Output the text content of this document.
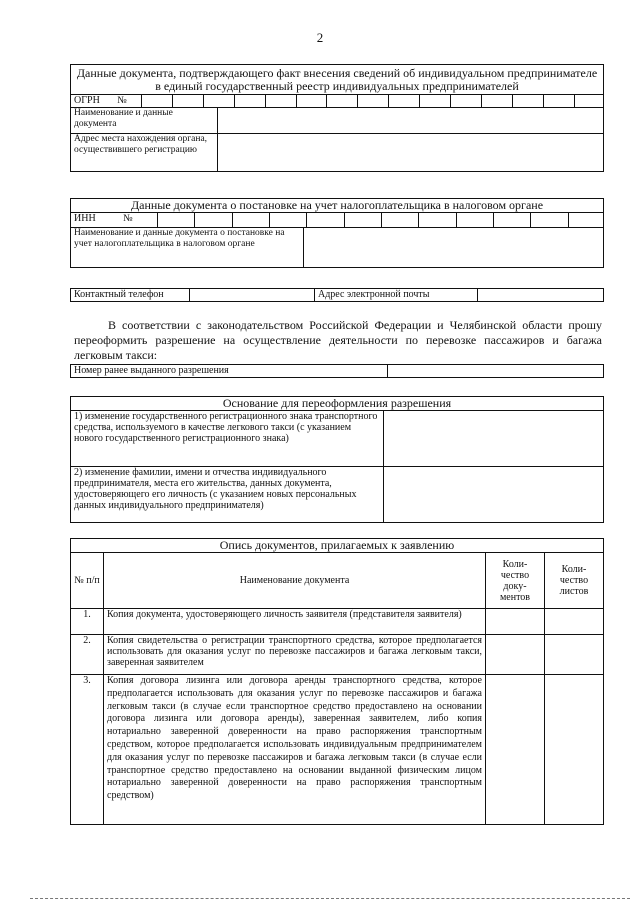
2
Данные документа, подтверждающего факт внесения сведений об индивидуальном предпринимателе в единый государственный реестр индивидуальных предпринимателей

ОГРН №															

Наименование и данные документа	
Адрес места нахождения органа, осуществившего регистрацию	
Данные документа о постановке на учет налогоплательщика в налоговом органе

ИНН	№												

Наименование и данные документа о постановке на учет налогоплательщика в налоговом органе	
Контактный телефон		Адрес электронной почты	
В соответствии с законодательством Российской Федерации и Челябинской области прошу переоформить разрешение на осуществление деятельности по перевозке пассажиров и багажа легковым такси:
Номер ранее выданного разрешения	
Основание для переоформления разрешения	
1) изменение государственного регистрационного знака транспортного средства, используемого в качестве легкового такси (с указанием нового государственного регистрационного знака)	
2) изменение фамилии, имени и отчества индивидуального предпринимателя, места его жительства, данных документа, удостоверяющего его личность (с указанием новых персональных данных индивидуального предпринимателя)	
Опись документов, прилагаемых к заявлению			
№ п/п	Наименование документа	Коли-чество доку-ментов	Коли-чество листов
1.	Копия документа, удостоверяющего личность заявителя (представителя заявителя)		
2.	Копия свидетельства о регистрации транспортного средства, которое предполагается использовать для оказания услуг по перевозке пассажиров и багажа легковым такси, заверенная заявителем		
3.	Копия договора лизинга или договора аренды транспортного средства, которое предполагается использовать для оказания услуг по перевозке пассажиров и багажа легковым такси (в случае если транспортное средство предоставлено на основании договора лизинга или договора аренды), заверенная заявителем, либо копия нотариально заверенной доверенности на право распоряжения транспортным средством, которое предполагается использовать индивидуальным предпринимателем для оказания услуг по перевозке пассажиров и багажа легковым такси (в случае если транспортное средство предоставлено на основании выданной физическим лицом нотариально заверенной доверенности на право распоряжения транспортным средством)		
